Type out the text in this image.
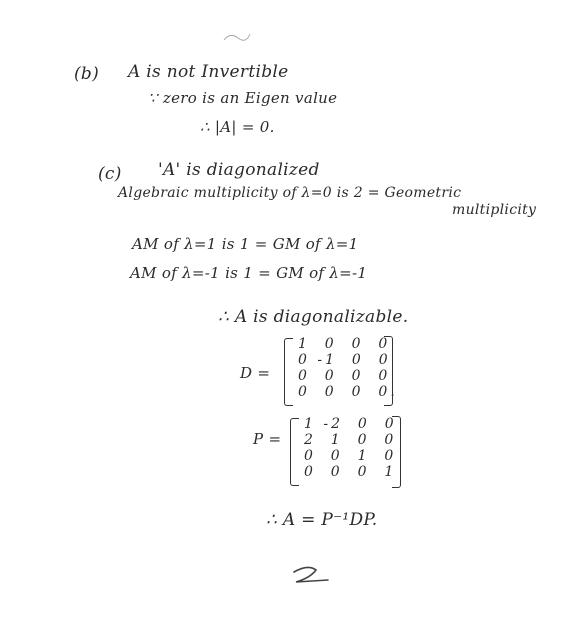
(b) A is not Invertible
∵ zero is an Eigen value
∴ |A| = 0.
(c) 'A' is diagonalized
Algebraic multiplicity of λ=0 is 2 = Geometric
multiplicity
AM of λ=1 is 1 = GM of λ=1
AM of λ=-1 is 1 = GM of λ=-1
∴ A is diagonalizable.
D =
1  0  0  0
0 -1  0  0
0  0  0  0
0  0  0  0.
P =
1 -2  0  0
2  1  0  0
0  0  1  0
0  0  0  1
∴ A = P⁻¹DP.
